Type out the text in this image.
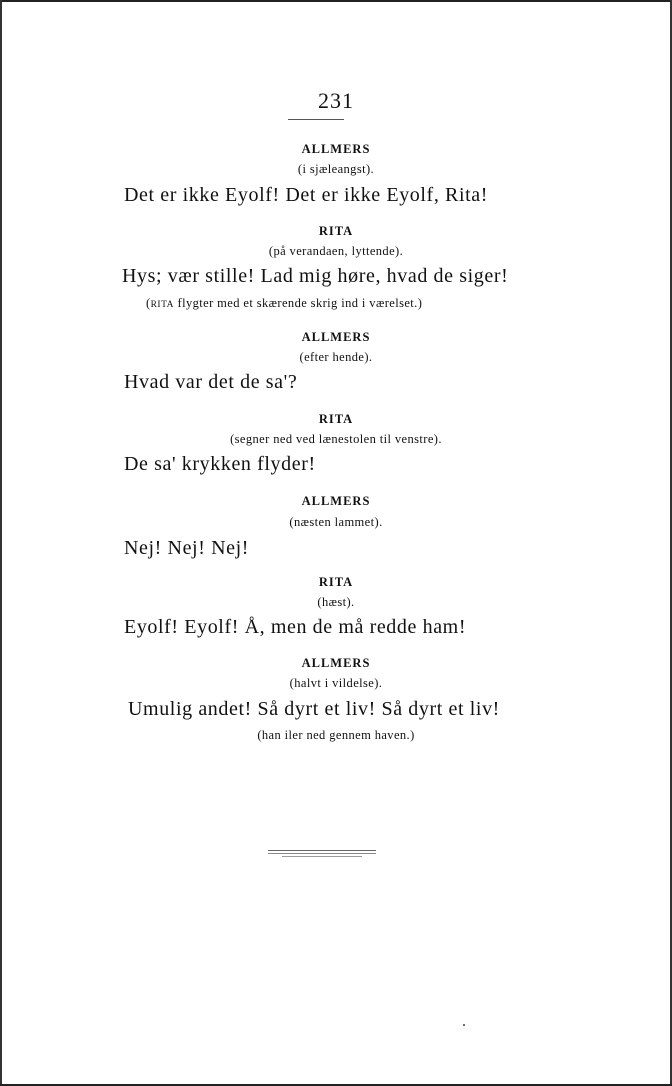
231
ALLMERS
(i sjæleangst).
Det er ikke Eyolf! Det er ikke Eyolf, Rita!
RITA
(på verandaen, lyttende).
Hys; vær stille! Lad mig høre, hvad de siger!
(RITA flygter med et skærende skrig ind i værelset.)
ALLMERS
(efter hende).
Hvad var det de sa'?
RITA
(segner ned ved lænestolen til venstre).
De sa' krykken flyder!
ALLMERS
(næsten lammet).
Nej! Nej! Nej!
RITA
(hæst).
Eyolf! Eyolf! Å, men de må redde ham!
ALLMERS
(halvt i vildelse).
Umulig andet! Så dyrt et liv! Så dyrt et liv!
(han iler ned gennem haven.)
